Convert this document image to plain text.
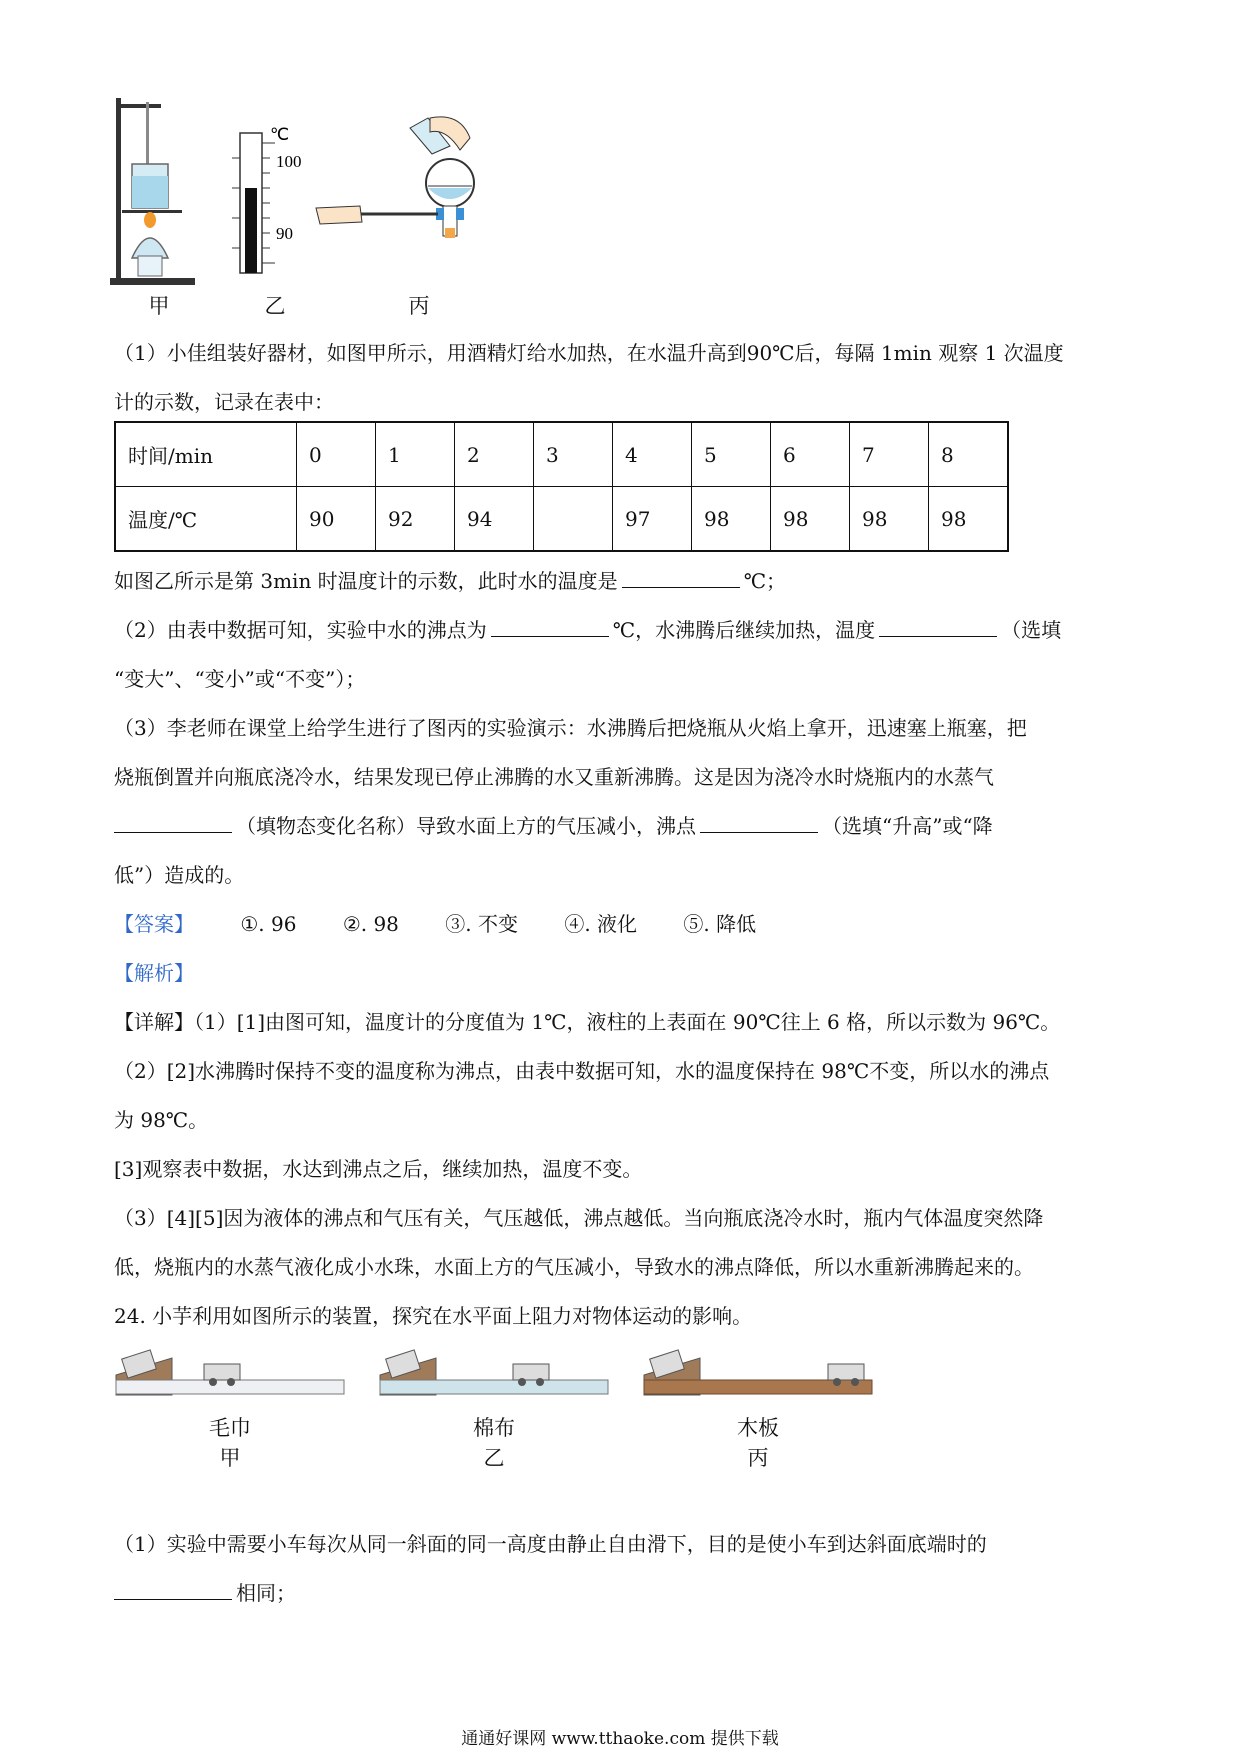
℃
100
90
甲	乙	丙
（1）小佳组装好器材，如图甲所示，用酒精灯给水加热，在水温升高到90℃后，每隔 1min 观察 1 次温度
计的示数，记录在表中：
时间/min	0	1	2	3	4	5	6	7	8
温度/℃	90	92	94		97	98	98	98	98
如图乙所示是第 3min 时温度计的示数，此时水的温度是	℃；
（2）由表中数据可知，实验中水的沸点为	℃，水沸腾后继续加热，温度	（选填
“变大”、“变小”或“不变”）；
（3）李老师在课堂上给学生进行了图丙的实验演示：水沸腾后把烧瓶从火焰上拿开，迅速塞上瓶塞，把
烧瓶倒置并向瓶底浇冷水，结果发现已停止沸腾的水又重新沸腾。这是因为浇冷水时烧瓶内的水蒸气
（填物态变化名称）导致水面上方的气压减小，沸点	（选填“升高”或“降
低”）造成的。
【答案】 ①. 96 ②. 98 ③. 不变 ④. 液化 ⑤. 降低
【解析】
【详解】（1）[1]由图可知，温度计的分度值为 1℃，液柱的上表面在 90℃往上 6 格，所以示数为 96℃。
（2）[2]水沸腾时保持不变的温度称为沸点，由表中数据可知，水的温度保持在 98℃不变，所以水的沸点
为 98℃。
[3]观察表中数据，水达到沸点之后，继续加热，温度不变。
（3）[4][5]因为液体的沸点和气压有关，气压越低，沸点越低。当向瓶底浇冷水时，瓶内气体温度突然降
低，烧瓶内的水蒸气液化成小水珠，水面上方的气压减小，导致水的沸点降低，所以水重新沸腾起来的。
24. 小芋利用如图所示的装置，探究在水平面上阻力对物体运动的影响。
毛巾
甲
棉布
乙
木板
丙
（1）实验中需要小车每次从同一斜面的同一高度由静止自由滑下，目的是使小车到达斜面底端时的
相同；
通通好课网 www.tthaoke.com 提供下载
